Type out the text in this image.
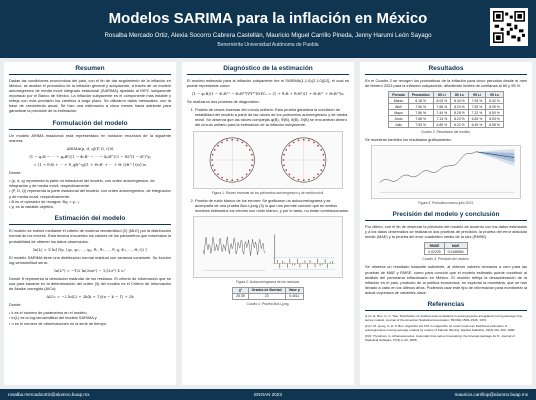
Modelos SARIMA para la inflación en México
Rosalba Mercado Ortiz, Alexia Socorro Cabrera Castellán, Mauricio Miguel Carrillo Pineda, Jenny Harumi León Sayago
Benemérita Universidad Autónoma de Puebla
Resumen

Dadas las condiciones económicas del país, con el fin de dar seguimiento de la inflación en México, se analizó el pronóstico de la inflación general y subyacente, a través de un modelo autorregresivo de media móvil integrado estacional (SARIMA) ajustado al INPC subyacente reportado por el Banco de México. La inflación subyacente es el componente más estable y refleja con más precisión los cambios a largo plazo. Se utilizaron datos mensuales, con la base de crecimiento anual. Se hizo una estimación a cinco meses hacia adelante para garantizar la precisión de la estimación.

Formulación del modelo

Un modelo ARIMA estacional está representado en notación recursiva de la siguiente manera:

ARIMA(p, d, q)(P, D, Q)S
(1 − φ₁B − ··· − φₚBᵖ)(1 − Φ₁Bˢ − ··· − ΦₚBᴾˢ)(1 − B)ᵈ(1 − Bˢ)ᴰyₜ
= (1 + θ₁B + ··· + θ_qB^q)(1 + Θ₁Bˢ + ··· + Θ_QB^{Qs})εₜ

Donde:

• (p, d, q) representa la parte no estacional del modelo, con orden autorregresivo, de integración y de media móvil, respectivamente.
• (P, D, Q) representa la parte estacional del modelo, con orden autorregresivo, de integración y de media móvil, respectivamente.
• B es el operador de rezagos: Byₜ = yₜ₋₁.
• yₜ es la variable objetivo.
Estimación del modelo

El modelo se estimó mediante el criterio de máxima verosimilitud (2) (MLE) por la distribución normal de los errores. Esta técnica encuentra los valores de los parámetros que maximizan la probabilidad de obtener los datos observados.

ln(L) = Σ ln[ f(yₜ | φ₁, φ₂, ..., φₚ, θ₁, θ₂, ..., θ_q, Φ₁, ..., Θ_Q) ]

El modelo SARIMA tiene una distribución normal residual con varianza constante. Su función log-verosimilitud sería:

ln(L*) = −T/2 ln(2πσ²) − 1/(2σ²) Σ εₜ²

Donde θ representa la desviación estándar de los residuos. El criterio de información que se usa para basarse en la determinación del orden (3) del modelo es el Criterio de Información de Akaike corregido (AICc):

AICc = −2 ln(L) + 2k(k + 1)/(n − k − 1) + 2k

Donde:

• k es el número de parámetros en el modelo,
• ln(L) es la log-verosimilitud del modelo SARIMA y
• n es el número de observaciones en la serie de tiempo.
Diagnóstico de la estimación

El modelo estimado para la inflación subyacente fue el SARIMA(1,1,0)(2,1,0)[12], el cual se puede representar como:

(1 − φ₁B)(1 − Φ₁B¹² − Φ₂B²⁴)∇∇¹²INPCₜ = (1 + θ₁B + θ₂B²)(1 + Θ₁B¹² + Θ₂B²⁴)εₜ

Se realizaron dos pruebas de diagnóstico:

1. Prueba de raíces inversas del círculo unitario: Esta prueba garantiza la condición de estabilidad del modelo a partir de las raíces de los polinomios autorregresivo y de media móvil. Se observa que las raíces complejas φ(B), Φ(B), θ(B), Θ(B) se encuentran dentro del círculo unitario para la estimación de la inflación subyacente.
Figura 1: Raíces inversas de los polinomios autorregresivo y de media móvil.
2. Prueba de ruido blanco de los errores: Se graficaron un autocorrelograma y se acompaña de una prueba Box-Ljung (3) lo que nos permite concluir que en ambos modelos estimados los errores son ruido blanco, y por lo tanto, no están correlacionados.
Figura 2: Autocorrelograma de los residuos.
χ²	Grados de libertad	Valor p
25.39	23	0.4011
Cuadro 1: Prueba Box-Ljung.
Resultados

En el Cuadro 2 se recogen los pronósticos de la inflación para cinco períodos desde el mes de febrero 2023 para la inflación subyacente, añadiendo límites de confianza al 80 y 95 %.

Período	Pronóstico	80 Li	80 Ls	95 Li	95 Ls
Marzo	8.18 %	8.03 %	8.34 %	7.94 %	8.42 %
Abril	7.96 %	7.68 %	8.24 %	7.53 %	8.39 %
Mayo	7.86 %	7.44 %	8.28 %	7.22 %	8.50 %
Junio	7.68 %	7.13 %	8.23 %	6.83 %	8.53 %
Julio	7.53 %	6.85 %	8.22 %	6.49 %	8.58 %
Cuadro 2: Resultados del modelo.

Se muestran también los resultados gráficamente:

Figura 3: Pronóstico marzo-julio 2023.
Precisión del modelo y conclusión

Por último, con el fin de observar la precisión del modelo de acuerdo con los datos estimados y a los datos observados se realizaron dos pruebas de precisión, la prueba del error absoluto medio (MAE) y la prueba del error cuadrático medio de la raíz (RMSE).

RMSE	MAE
0.02225	0.0168964
Cuadro 3: Precisión del modelo.

Se observa un resultado bastante suficiente, al obtener valores cercanos a cero para las pruebas de MAE y RMSE, como para concluir que el modelo estimado puede contribuir al análisis del panorama inflacionario en México. El modelo refleja la desaceleración de la inflación en el país, producto de la política económica, en especial la monetaria, que se han llevado a cabo en los últimos años. Podemos usar este tipo de información para monitorear la actual coyuntura de variables clave.

Referencias
[1] G. E. Box, G. C. Tiao. Distribution of residual autocorrelations in autoregressive-integrated moving average time series models. Journal of the American Statistical Association, 65(332):1509–1526, 1970.
[2] G. M. Ljung, G. E. P. Box. Algorithm AS 154: An algorithm for exact maximum likelihood estimation of autoregressive-moving average models by means of Kalman filtering. Applied Statistics, 29(3):311–320, 1980.
[3] R. Hyndman, G. Athanasopoulos. Automatic time series forecasting: the forecast package for R. Journal of Statistical Software, 27(3):1–22, 2008.
rosalba.mercadoortiz@alumno.buap.mx	ENOAN 2023	mauricio.carrillop@alumno.buap.mx
